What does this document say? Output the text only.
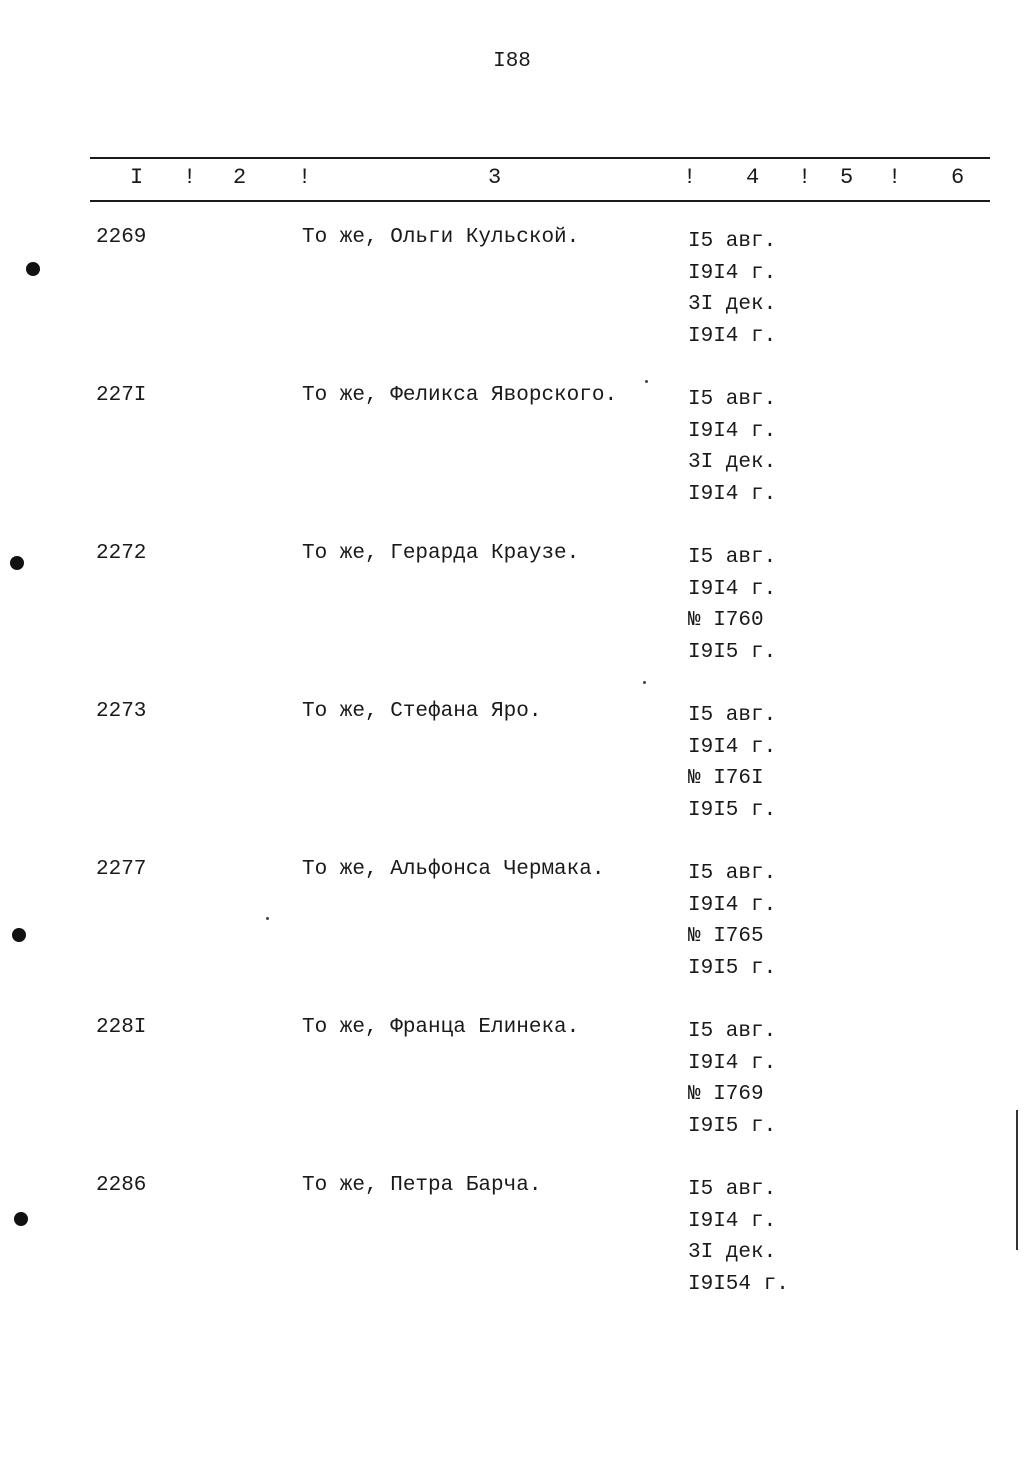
I88
I ! 2 !	3	! 4 ! 5 ! 6
2269	То же, Ольги Кульской.	I5 авг.
I9I4 г.
3I дек.
I9I4 г.
227I	То же, Феликса Яворского.	I5 авг.
I9I4 г.
3I дек.
I9I4 г.
2272	То же, Герарда Краузе.	I5 авг.
I9I4 г.
№ I760
I9I5 г.
2273	То же, Стефана Яро.	I5 авг.
I9I4 г.
№ I76I
I9I5 г.
2277	То же, Альфонса Чермака.	I5 авг.
I9I4 г.
№ I765
I9I5 г.
228I	То же, Франца Елинека.	I5 авг.
I9I4 г.
№ I769
I9I5 г.
2286	То же, Петра Барча.	I5 авг.
I9I4 г.
3I дек.
I9I54 г.
